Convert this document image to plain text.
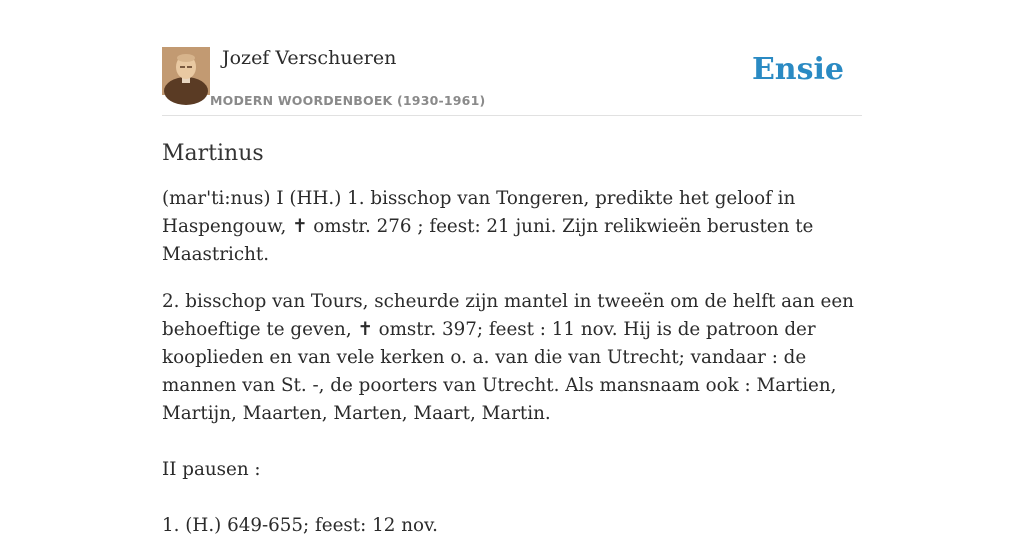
Jozef Verschueren
MODERN WOORDENBOEK (1930-1961)
Ensie
Martinus

(mar'ti:nus) I (HH.) 1. bisschop van Tongeren, predikte het geloof in Haspengouw, ✝ omstr. 276 ; feest: 21 juni. Zijn relikwieën berusten te Maastricht.

2. bisschop van Tours, scheurde zijn mantel in tweeën om de helft aan een behoeftige te geven, ✝ omstr. 397; feest : 11 nov. Hij is de patroon der kooplieden en van vele kerken o. a. van die van Utrecht; vandaar : de mannen van St. -, de poorters van Utrecht. Als mansnaam ook : Martien, Martijn, Maarten, Marten, Maart, Martin.

II pausen :

1. (H.) 649-655; feest: 12 nov.
